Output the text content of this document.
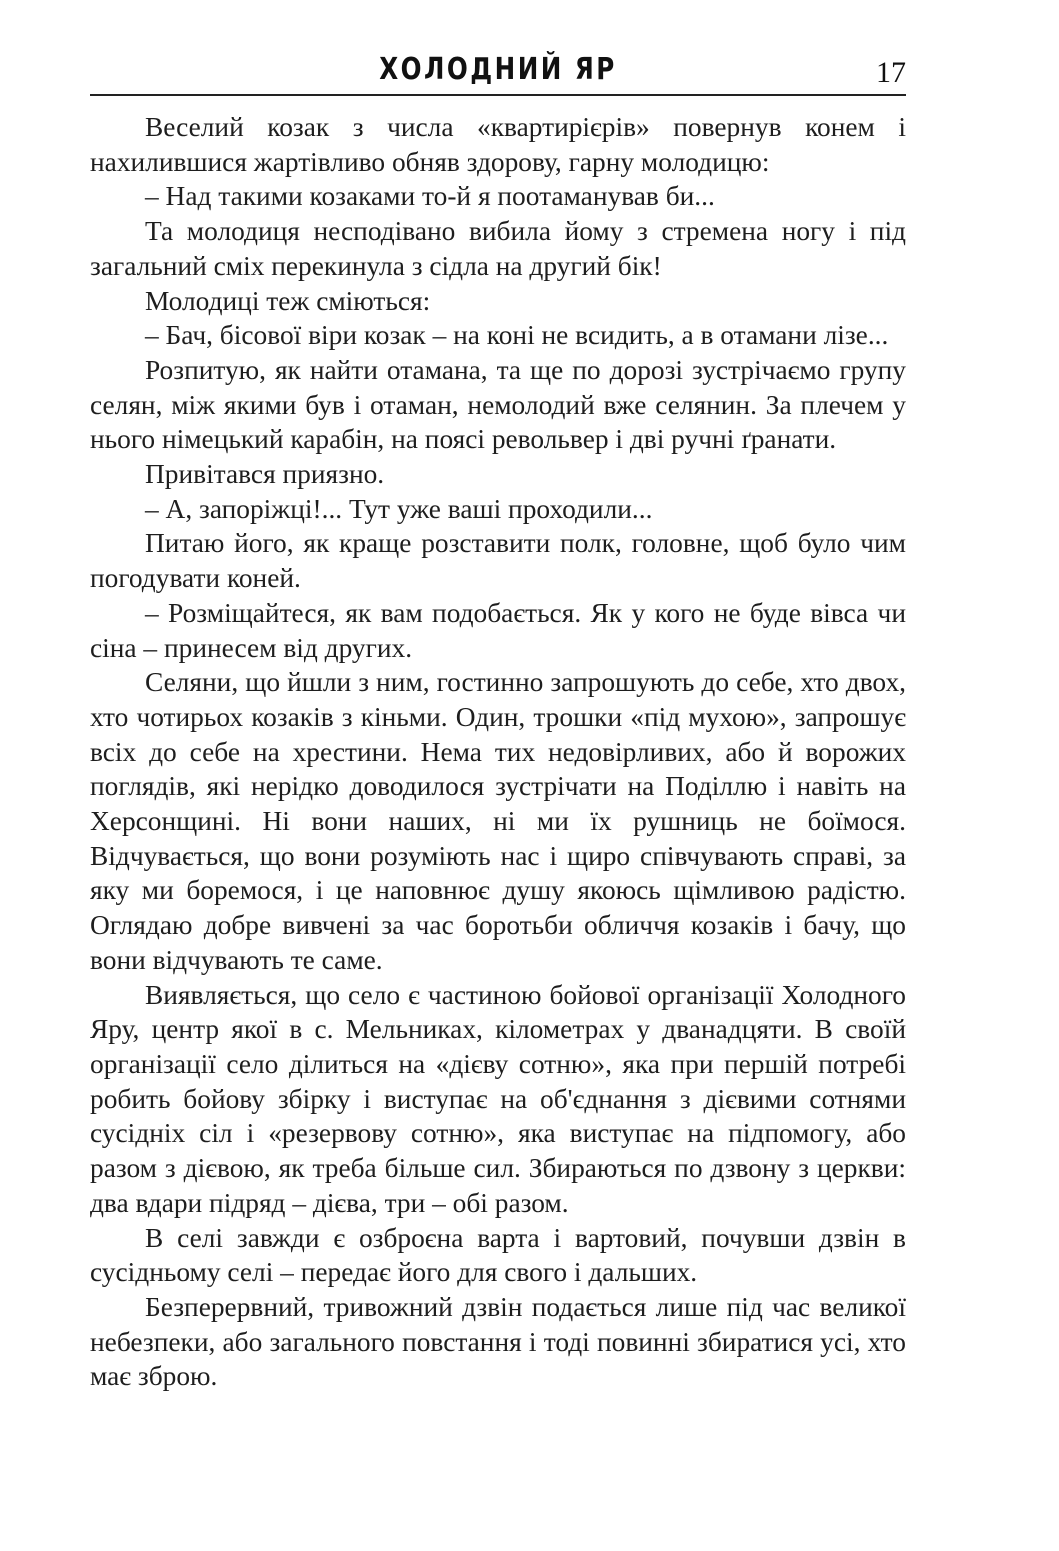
ХОЛОДНИЙ ЯР	17

Веселий козак з числа «квартирієрів» повернув конем і нахилившися жартівливо обняв здорову, гарну молодицю:

– Над такими козаками то-й я поотаманував би...

Та молодиця несподівано вибила йому з стремена ногу і під загальний сміх перекинула з сідла на другий бік!

Молодиці теж сміються:

– Бач, бісової віри козак – на коні не всидить, а в отамани лізе...

Розпитую, як найти отамана, та ще по дорозі зустрічаємо групу селян, між якими був і отаман, немолодий вже селянин. За плечем у нього німецький карабін, на поясі револьвер і дві ручні ґранати.

Привітався приязно.

– А, запоріжці!... Тут уже ваші проходили...

Питаю його, як краще розставити полк, головне, щоб було чим погодувати коней.

– Розміщайтеся, як вам подобається. Як у кого не буде вівса чи сіна – принесем від других.

Селяни, що йшли з ним, гостинно запрошують до себе, хто двох, хто чотирьох козаків з кіньми. Один, трошки «під мухою», запрошує всіх до себе на хрестини. Нема тих недовірливих, або й ворожих поглядів, які нерідко доводилося зустрічати на Поділлю і навіть на Херсонщині. Ні вони наших, ні ми їх рушниць не боїмося. Відчувається, що вони розуміють нас і щиро співчувають справі, за яку ми боремося, і це наповнює душу якоюсь щімливою радістю. Оглядаю добре вивчені за час боротьби обличчя козаків і бачу, що вони відчувають те саме.

Виявляється, що село є частиною бойової організації Холодного Яру, центр якої в с. Мельниках, кілометрах у дванадцяти. В своїй організації село ділиться на «дієву сотню», яка при першій потребі робить бойову збірку і виступає на об'єднання з дієвими сотнями сусідніх сіл і «резервову сотню», яка виступає на підпомогу, або разом з дієвою, як треба більше сил. Збираються по дзвону з церкви: два вдари підряд – дієва, три – обі разом.

В селі завжди є озброєна варта і вартовий, почувши дзвін в сусідньому селі – передає його для свого і дальших.

Безперервний, тривожний дзвін подається лише під час великої небезпеки, або загального повстання і тоді повинні збиратися усі, хто має зброю.
